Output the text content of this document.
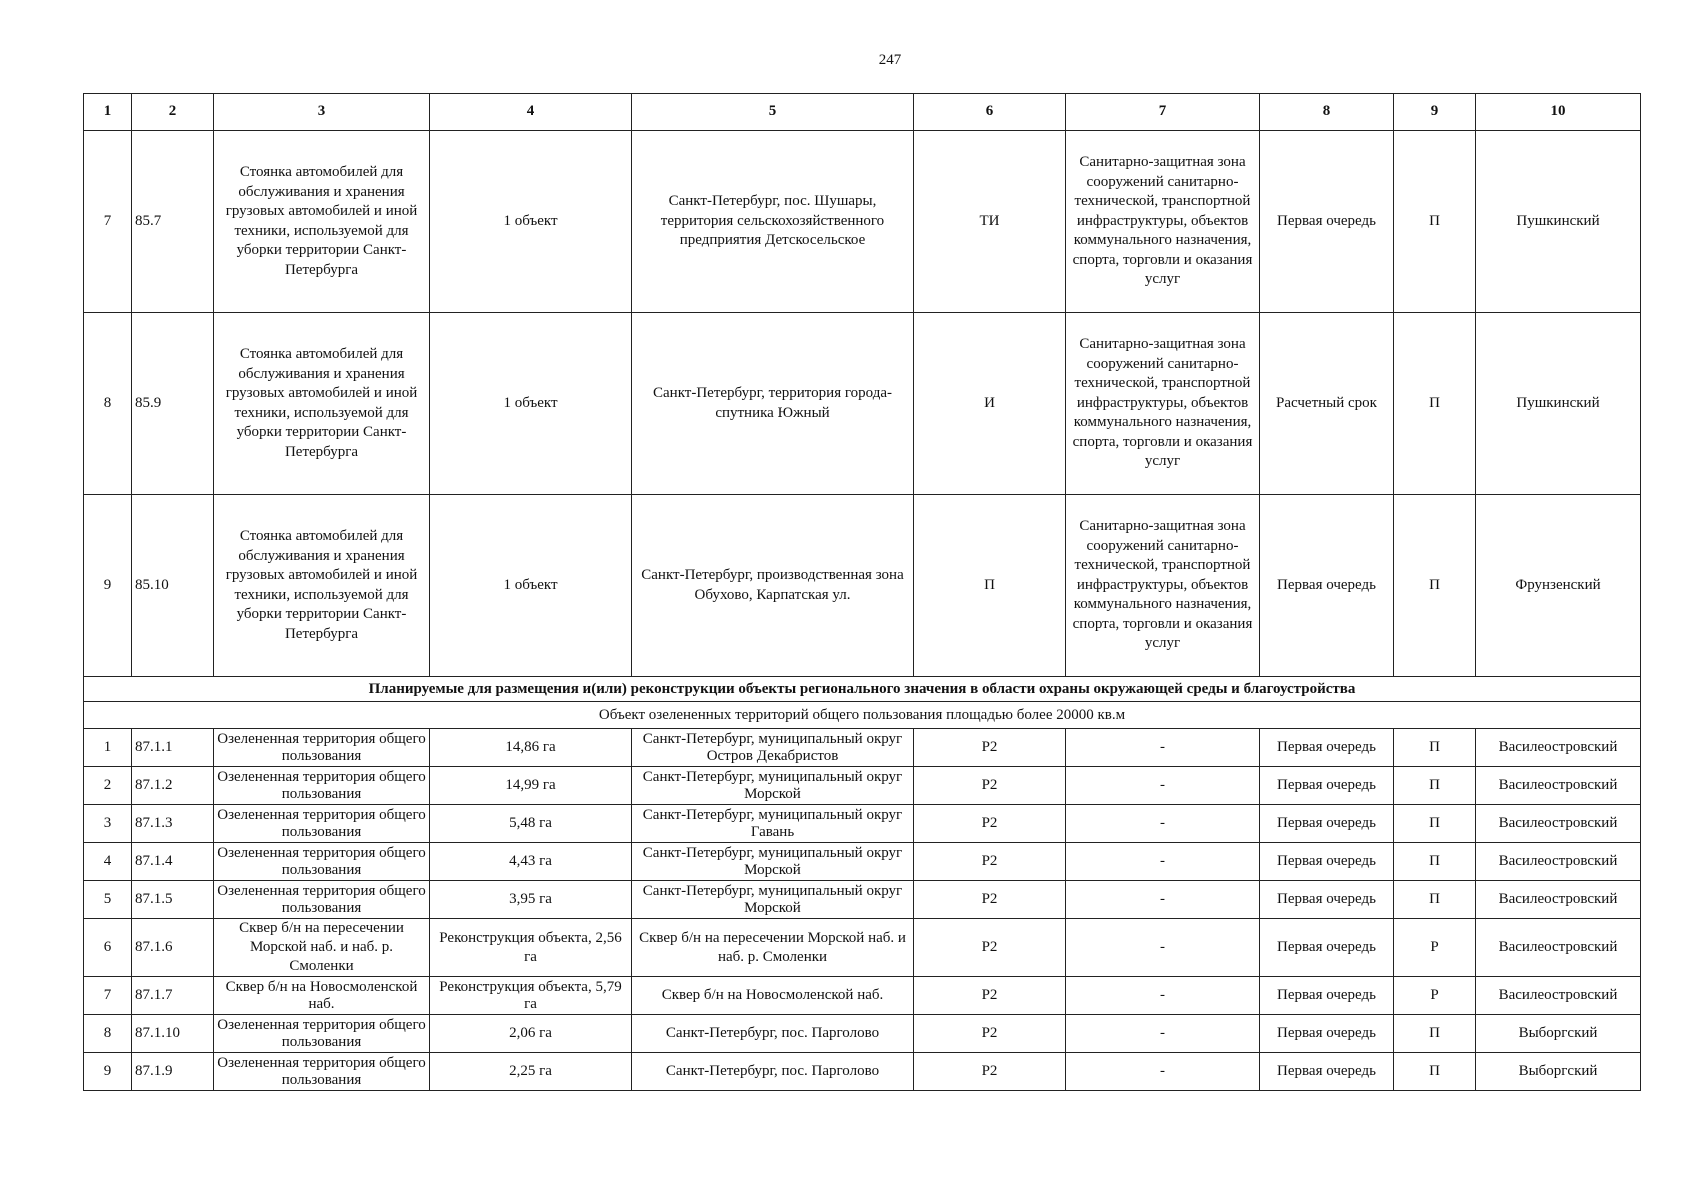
247
1	2	3	4	5	6	7	8	9	10
7	85.7	Стоянка автомобилей для обслуживания и хранения грузовых автомобилей и иной техники, используемой для уборки территории Санкт-Петербурга	1 объект	Санкт-Петербург, пос. Шушары, территория сельскохозяйственного предприятия Детскосельское	ТИ	Санитарно-защитная зона сооружений санитарно-технической, транспортной инфраструктуры, объектов коммунального назначения, спорта, торговли и оказания услуг	Первая очередь	П	Пушкинский
8	85.9	Стоянка автомобилей для обслуживания и хранения грузовых автомобилей и иной техники, используемой для уборки территории Санкт-Петербурга	1 объект	Санкт-Петербург, территория города-спутника Южный	И	Санитарно-защитная зона сооружений санитарно-технической, транспортной инфраструктуры, объектов коммунального назначения, спорта, торговли и оказания услуг	Расчетный срок	П	Пушкинский
9	85.10	Стоянка автомобилей для обслуживания и хранения грузовых автомобилей и иной техники, используемой для уборки территории Санкт-Петербурга	1 объект	Санкт-Петербург, производственная зона Обухово, Карпатская ул.	П	Санитарно-защитная зона сооружений санитарно-технической, транспортной инфраструктуры, объектов коммунального назначения, спорта, торговли и оказания услуг	Первая очередь	П	Фрунзенский
Планируемые для размещения и(или) реконструкции объекты регионального значения в области охраны окружающей среды и благоустройства									
Объект озелененных территорий общего пользования площадью более 20000 кв.м									
1	87.1.1	Озелененная территория общего пользования	14,86 га	Санкт-Петербург, муниципальный округ Остров Декабристов	Р2	-	Первая очередь	П	Василеостровский
2	87.1.2	Озелененная территория общего пользования	14,99 га	Санкт-Петербург, муниципальный округ Морской	Р2	-	Первая очередь	П	Василеостровский
3	87.1.3	Озелененная территория общего пользования	5,48 га	Санкт-Петербург, муниципальный округ Гавань	Р2	-	Первая очередь	П	Василеостровский
4	87.1.4	Озелененная территория общего пользования	4,43 га	Санкт-Петербург, муниципальный округ Морской	Р2	-	Первая очередь	П	Василеостровский
5	87.1.5	Озелененная территория общего пользования	3,95 га	Санкт-Петербург, муниципальный округ Морской	Р2	-	Первая очередь	П	Василеостровский
6	87.1.6	Сквер б/н на пересечении Морской наб. и наб. р. Смоленки	Реконструкция объекта, 2,56 га	Сквер б/н на пересечении Морской наб. и наб. р. Смоленки	Р2	-	Первая очередь	Р	Василеостровский
7	87.1.7	Сквер б/н на Новосмоленской наб.	Реконструкция объекта, 5,79 га	Сквер б/н на Новосмоленской наб.	Р2	-	Первая очередь	Р	Василеостровский
8	87.1.10	Озелененная территория общего пользования	2,06 га	Санкт-Петербург, пос. Парголово	Р2	-	Первая очередь	П	Выборгский
9	87.1.9	Озелененная территория общего пользования	2,25 га	Санкт-Петербург, пос. Парголово	Р2	-	Первая очередь	П	Выборгский
